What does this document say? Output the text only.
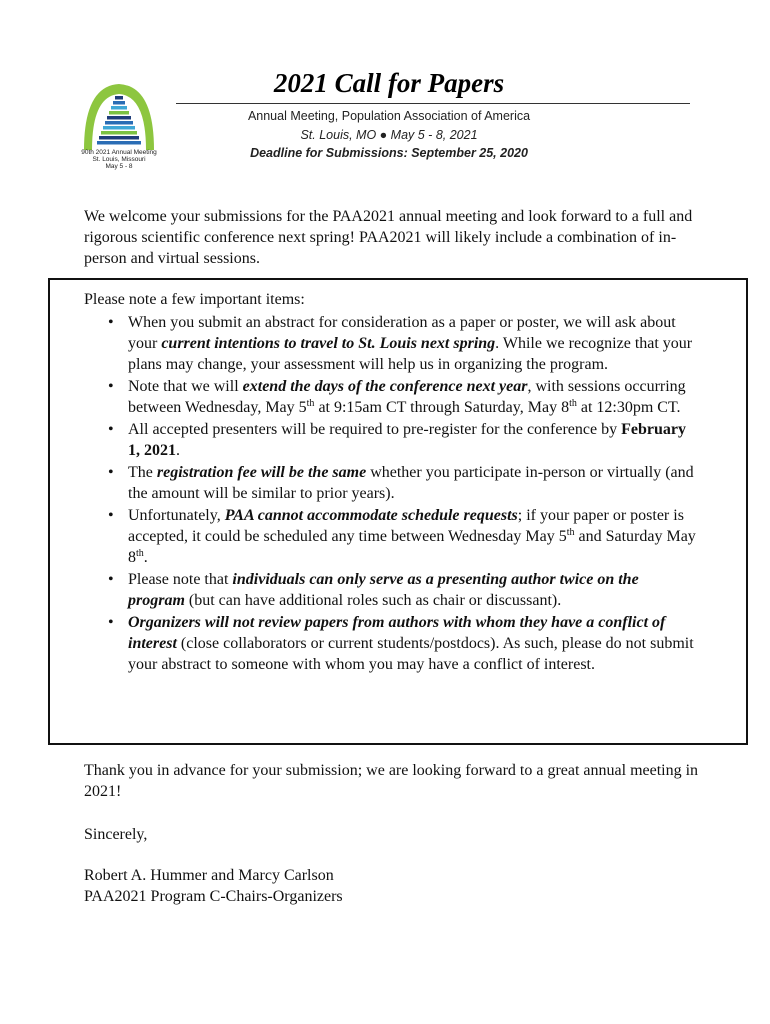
90th 2021 Annual Meeting
St. Louis, Missouri
May 5 - 8
2021 Call for Papers
Annual Meeting, Population Association of America
St. Louis, MO ● May 5 - 8, 2021
Deadline for Submissions: September 25, 2020
We welcome your submissions for the PAA2021 annual meeting and look forward to a full and rigorous scientific conference next spring! PAA2021 will likely include a combination of in-person and virtual sessions.
Please note a few important items:
• When you submit an abstract for consideration as a paper or poster, we will ask about your current intentions to travel to St. Louis next spring. While we recognize that your plans may change, your assessment will help us in organizing the program.
• Note that we will extend the days of the conference next year, with sessions occurring between Wednesday, May 5th at 9:15am CT through Saturday, May 8th at 12:30pm CT.
• All accepted presenters will be required to pre-register for the conference by February 1, 2021.
• The registration fee will be the same whether you participate in-person or virtually (and the amount will be similar to prior years).
• Unfortunately, PAA cannot accommodate schedule requests; if your paper or poster is accepted, it could be scheduled any time between Wednesday May 5th and Saturday May 8th.
• Please note that individuals can only serve as a presenting author twice on the program (but can have additional roles such as chair or discussant).
• Organizers will not review papers from authors with whom they have a conflict of interest (close collaborators or current students/postdocs). As such, please do not submit your abstract to someone with whom you may have a conflict of interest.
Thank you in advance for your submission; we are looking forward to a great annual meeting in 2021!
Sincerely,
Robert A. Hummer and Marcy Carlson
PAA2021 Program C-Chairs-Organizers
